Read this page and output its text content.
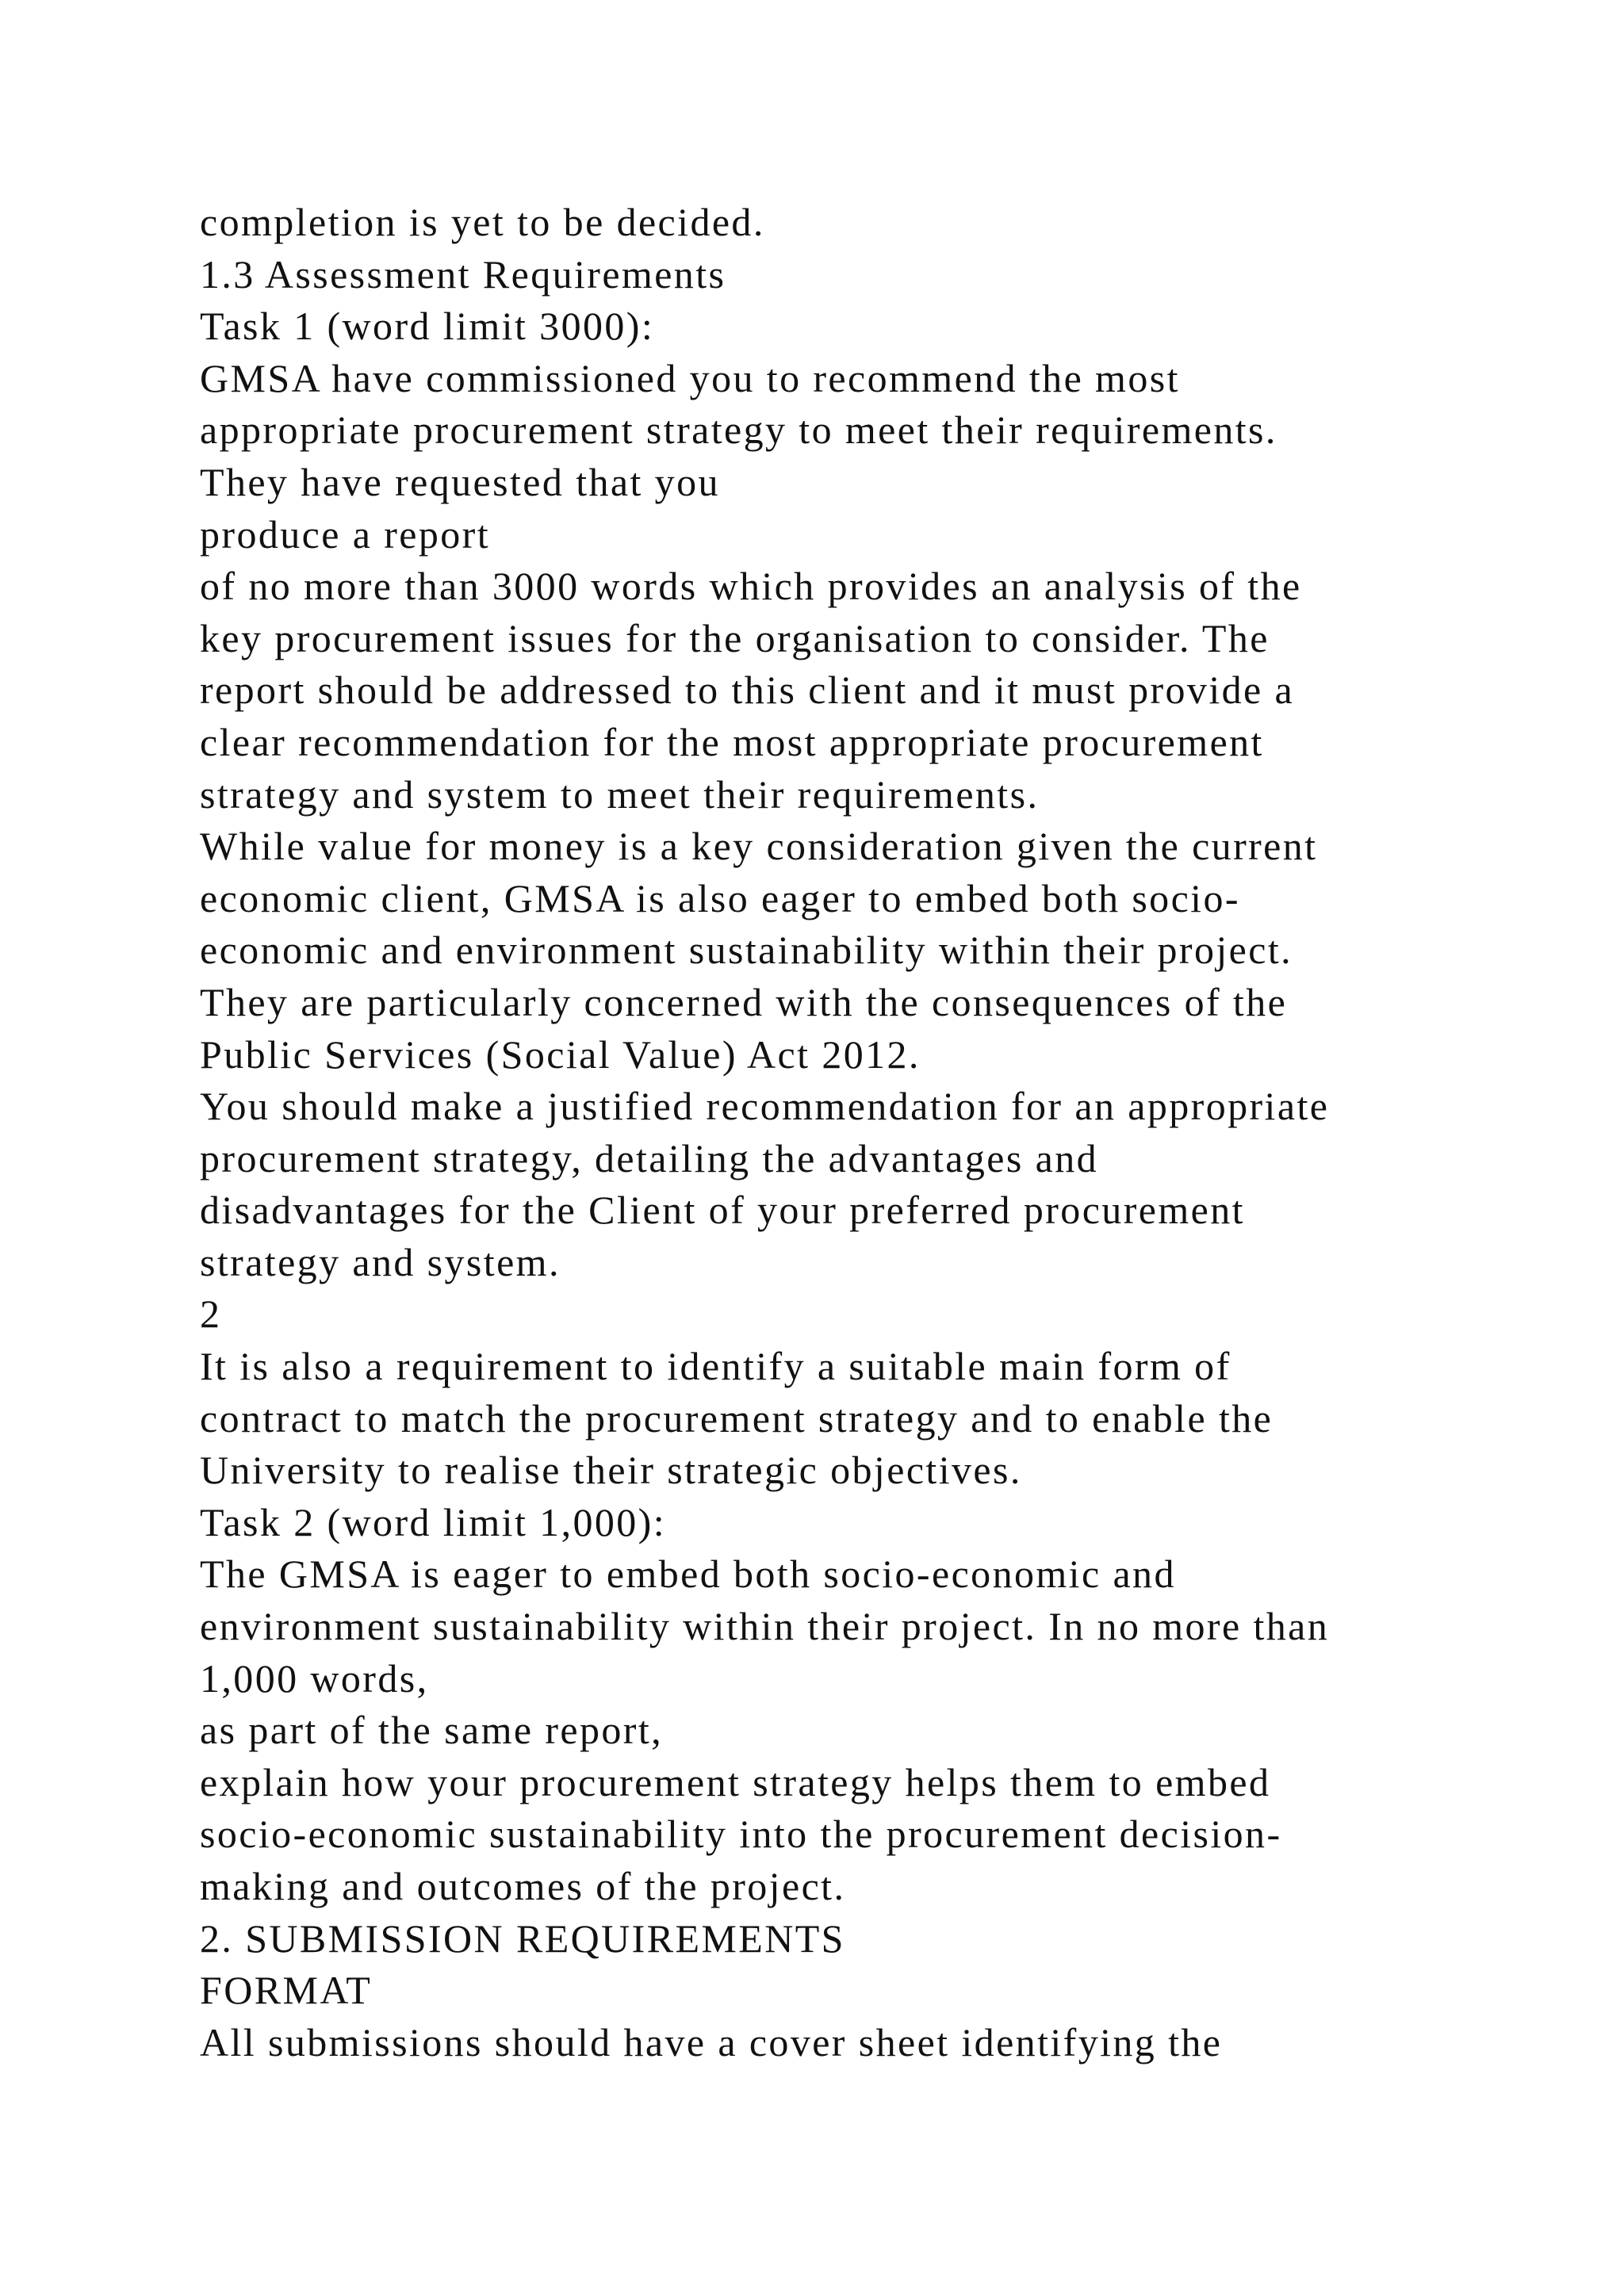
completion is yet to be decided.
1.3 Assessment Requirements
Task 1 (word limit 3000):
GMSA have commissioned you to recommend the most
appropriate procurement strategy to meet their requirements.
They have requested that you
produce a report
of no more than 3000 words which provides an analysis of the
key procurement issues for the organisation to consider. The
report should be addressed to this client and it must provide a
clear recommendation for the most appropriate procurement
strategy and system to meet their requirements.
While value for money is a key consideration given the current
economic client, GMSA is also eager to embed both socio-
economic and environment sustainability within their project.
They are particularly concerned with the consequences of the
Public Services (Social Value) Act 2012.
You should make a justified recommendation for an appropriate
procurement strategy, detailing the advantages and
disadvantages for the Client of your preferred procurement
strategy and system.
2
It is also a requirement to identify a suitable main form of
contract to match the procurement strategy and to enable the
University to realise their strategic objectives.
Task 2 (word limit 1,000):
The GMSA is eager to embed both socio-economic and
environment sustainability within their project. In no more than
1,000 words,
as part of the same report,
explain how your procurement strategy helps them to embed
socio-economic sustainability into the procurement decision-
making and outcomes of the project.
2. SUBMISSION REQUIREMENTS
FORMAT
All submissions should have a cover sheet identifying the
